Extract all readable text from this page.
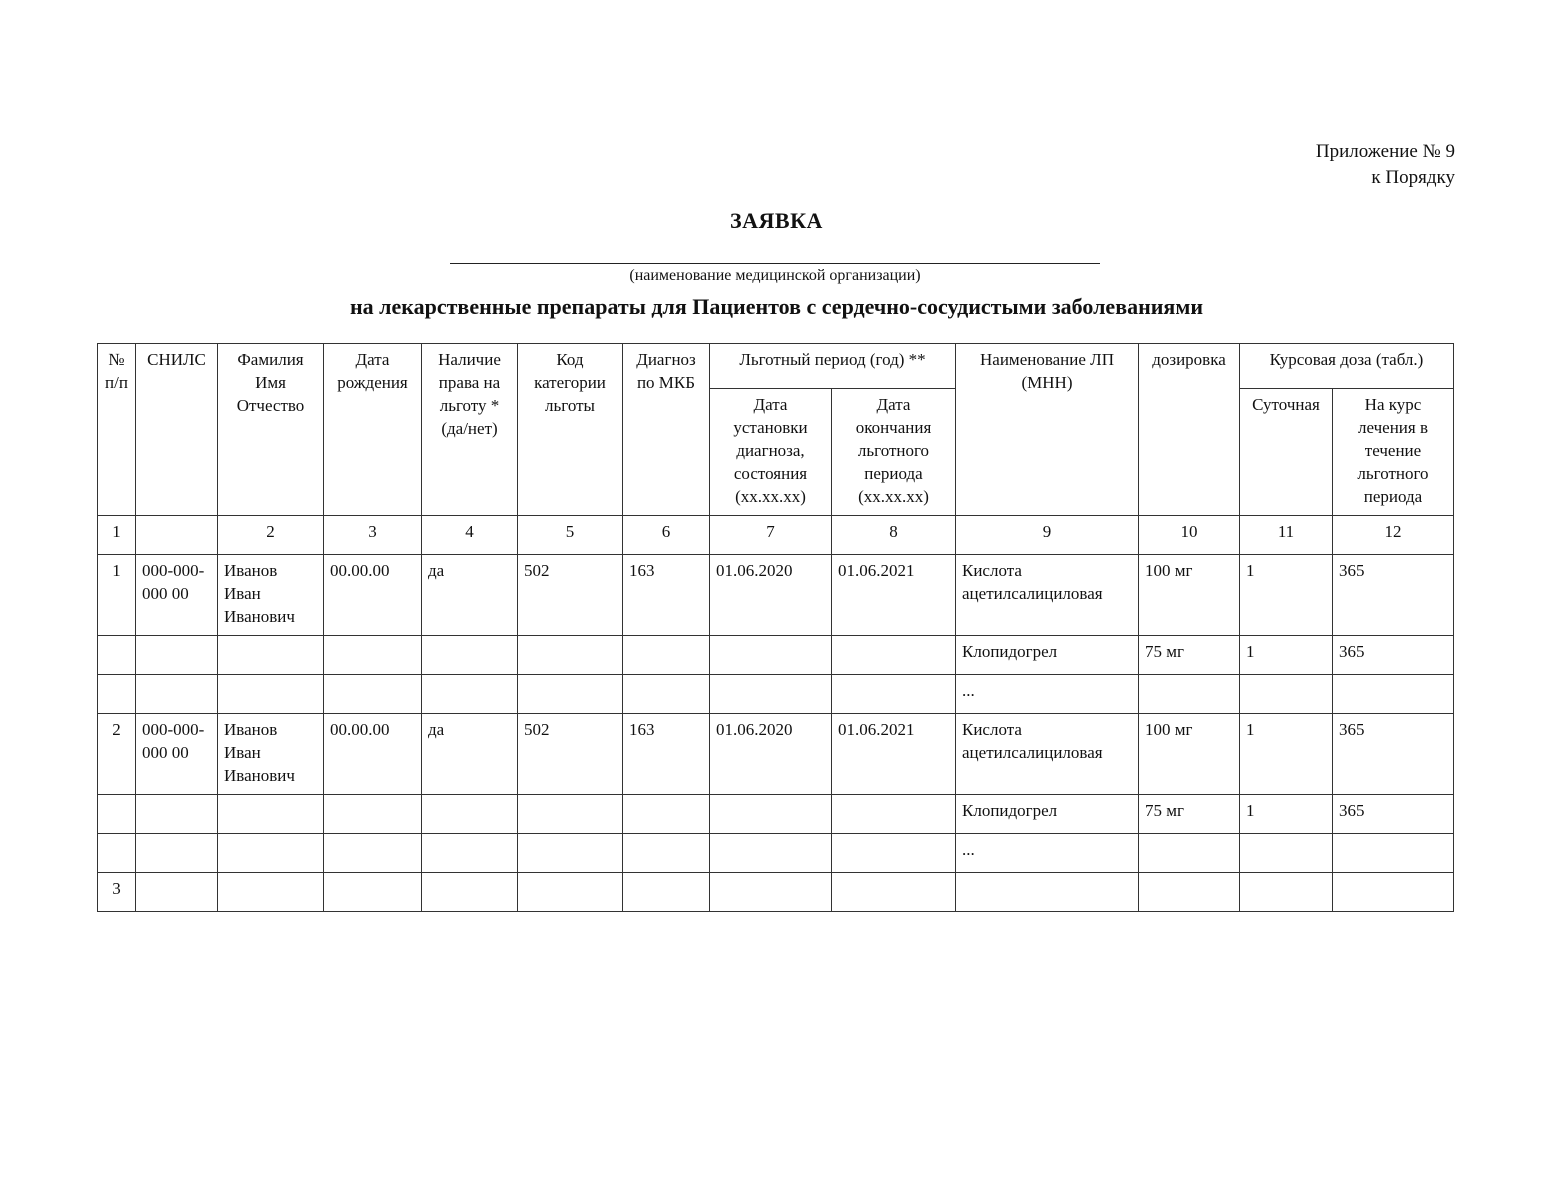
Приложение № 9
к Порядку
ЗАЯВКА
(наименование медицинской организации)
на лекарственные препараты для Пациентов с сердечно-сосудистыми заболеваниями
№ п/п	СНИЛС	Фамилия Имя Отчество	Дата рождения	Наличие права на льготу * (да/нет)	Код категории льготы	Диагноз по МКБ	Льготный период (год) **		Наименование ЛП (МНН)	дозировка	Курсовая доза (табл.)	
							Дата установки диагноза, состояния (хх.хх.хх)	Дата окончания льготного периода (хх.хх.хх)			Суточная	На курс лечения в течение льготного периода
1		2	3	4	5	6	7	8	9	10	11	12
1	000-000-000 00	Иванов Иван Иванович	00.00.00	да	502	163	01.06.2020	01.06.2021	Кислота ацетилсалициловая	100 мг	1	365
									Клопидогрел	75 мг	1	365
									...			
2	000-000-000 00	Иванов Иван Иванович	00.00.00	да	502	163	01.06.2020	01.06.2021	Кислота ацетилсалициловая	100 мг	1	365
									Клопидогрел	75 мг	1	365
									...			
3												
